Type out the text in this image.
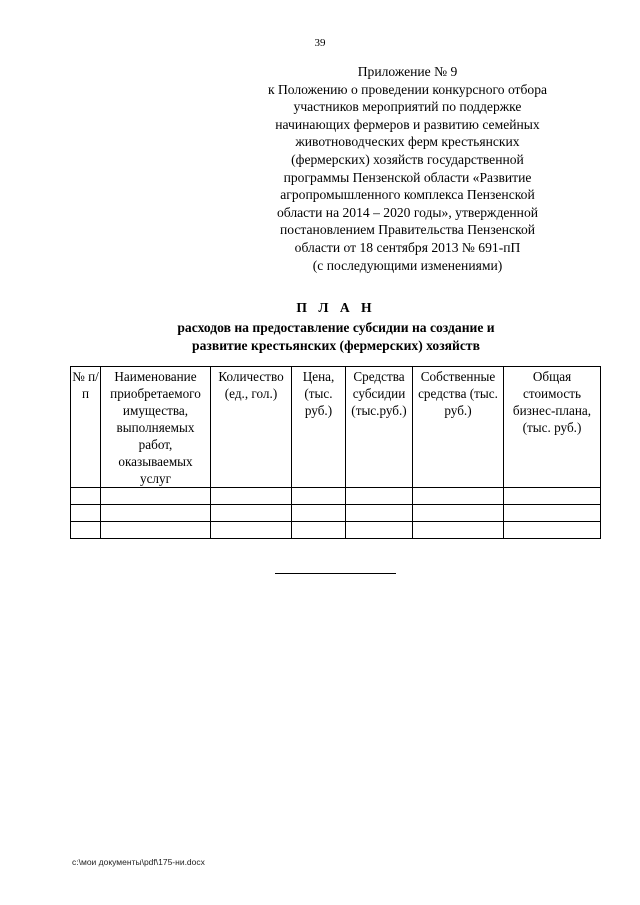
39
Приложение № 9
к Положению о проведении конкурсного отбора
участников мероприятий по поддержке
начинающих фермеров и развитию семейных
животноводческих ферм крестьянских
(фермерских) хозяйств государственной
программы Пензенской области «Развитие
агропромышленного комплекса Пензенской
области на 2014 – 2020 годы», утвержденной
постановлением Правительства Пензенской
области от 18 сентября 2013 № 691-пП
(с последующими изменениями)
П Л А Н
расходов на предоставление субсидии на создание и
развитие крестьянских (фермерских) хозяйств
№ п/п	Наименование приобретаемого имущества, выполняемых работ, оказываемых услуг	Количество (ед., гол.)	Цена, (тыс. руб.)	Средства субсидии (тыс.руб.)	Собственные средства (тыс. руб.)	Общая стоимость бизнес-плана, (тыс. руб.)

c:\мои документы\pdf\175-ни.docx
